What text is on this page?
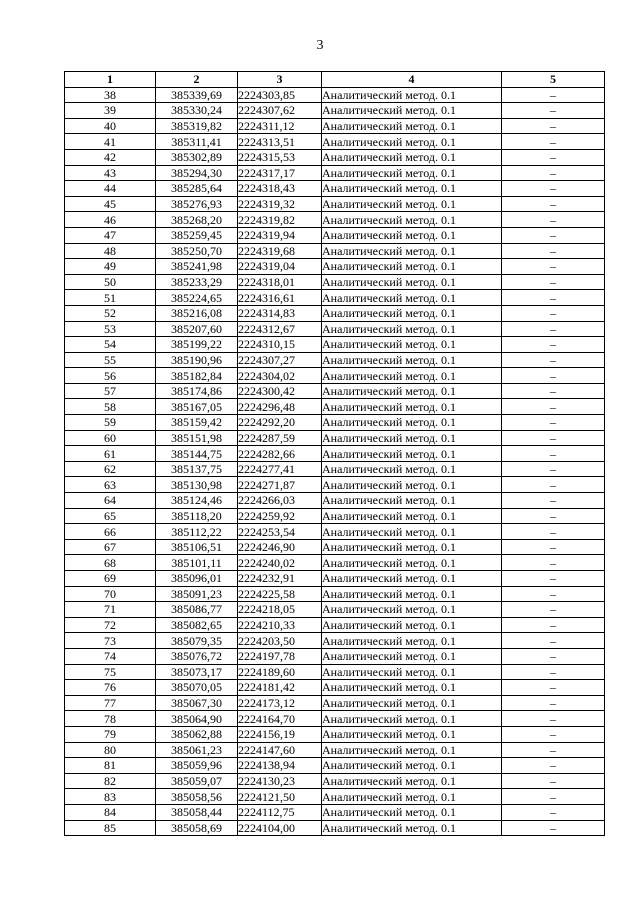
3
1	2	3	4	5
38	385339,69	2224303,85	Аналитический метод. 0.1	–
39	385330,24	2224307,62	Аналитический метод. 0.1	–
40	385319,82	2224311,12	Аналитический метод. 0.1	–
41	385311,41	2224313,51	Аналитический метод. 0.1	–
42	385302,89	2224315,53	Аналитический метод. 0.1	–
43	385294,30	2224317,17	Аналитический метод. 0.1	–
44	385285,64	2224318,43	Аналитический метод. 0.1	–
45	385276,93	2224319,32	Аналитический метод. 0.1	–
46	385268,20	2224319,82	Аналитический метод. 0.1	–
47	385259,45	2224319,94	Аналитический метод. 0.1	–
48	385250,70	2224319,68	Аналитический метод. 0.1	–
49	385241,98	2224319,04	Аналитический метод. 0.1	–
50	385233,29	2224318,01	Аналитический метод. 0.1	–
51	385224,65	2224316,61	Аналитический метод. 0.1	–
52	385216,08	2224314,83	Аналитический метод. 0.1	–
53	385207,60	2224312,67	Аналитический метод. 0.1	–
54	385199,22	2224310,15	Аналитический метод. 0.1	–
55	385190,96	2224307,27	Аналитический метод. 0.1	–
56	385182,84	2224304,02	Аналитический метод. 0.1	–
57	385174,86	2224300,42	Аналитический метод. 0.1	–
58	385167,05	2224296,48	Аналитический метод. 0.1	–
59	385159,42	2224292,20	Аналитический метод. 0.1	–
60	385151,98	2224287,59	Аналитический метод. 0.1	–
61	385144,75	2224282,66	Аналитический метод. 0.1	–
62	385137,75	2224277,41	Аналитический метод. 0.1	–
63	385130,98	2224271,87	Аналитический метод. 0.1	–
64	385124,46	2224266,03	Аналитический метод. 0.1	–
65	385118,20	2224259,92	Аналитический метод. 0.1	–
66	385112,22	2224253,54	Аналитический метод. 0.1	–
67	385106,51	2224246,90	Аналитический метод. 0.1	–
68	385101,11	2224240,02	Аналитический метод. 0.1	–
69	385096,01	2224232,91	Аналитический метод. 0.1	–
70	385091,23	2224225,58	Аналитический метод. 0.1	–
71	385086,77	2224218,05	Аналитический метод. 0.1	–
72	385082,65	2224210,33	Аналитический метод. 0.1	–
73	385079,35	2224203,50	Аналитический метод. 0.1	–
74	385076,72	2224197,78	Аналитический метод. 0.1	–
75	385073,17	2224189,60	Аналитический метод. 0.1	–
76	385070,05	2224181,42	Аналитический метод. 0.1	–
77	385067,30	2224173,12	Аналитический метод. 0.1	–
78	385064,90	2224164,70	Аналитический метод. 0.1	–
79	385062,88	2224156,19	Аналитический метод. 0.1	–
80	385061,23	2224147,60	Аналитический метод. 0.1	–
81	385059,96	2224138,94	Аналитический метод. 0.1	–
82	385059,07	2224130,23	Аналитический метод. 0.1	–
83	385058,56	2224121,50	Аналитический метод. 0.1	–
84	385058,44	2224112,75	Аналитический метод. 0.1	–
85	385058,69	2224104,00	Аналитический метод. 0.1	–
